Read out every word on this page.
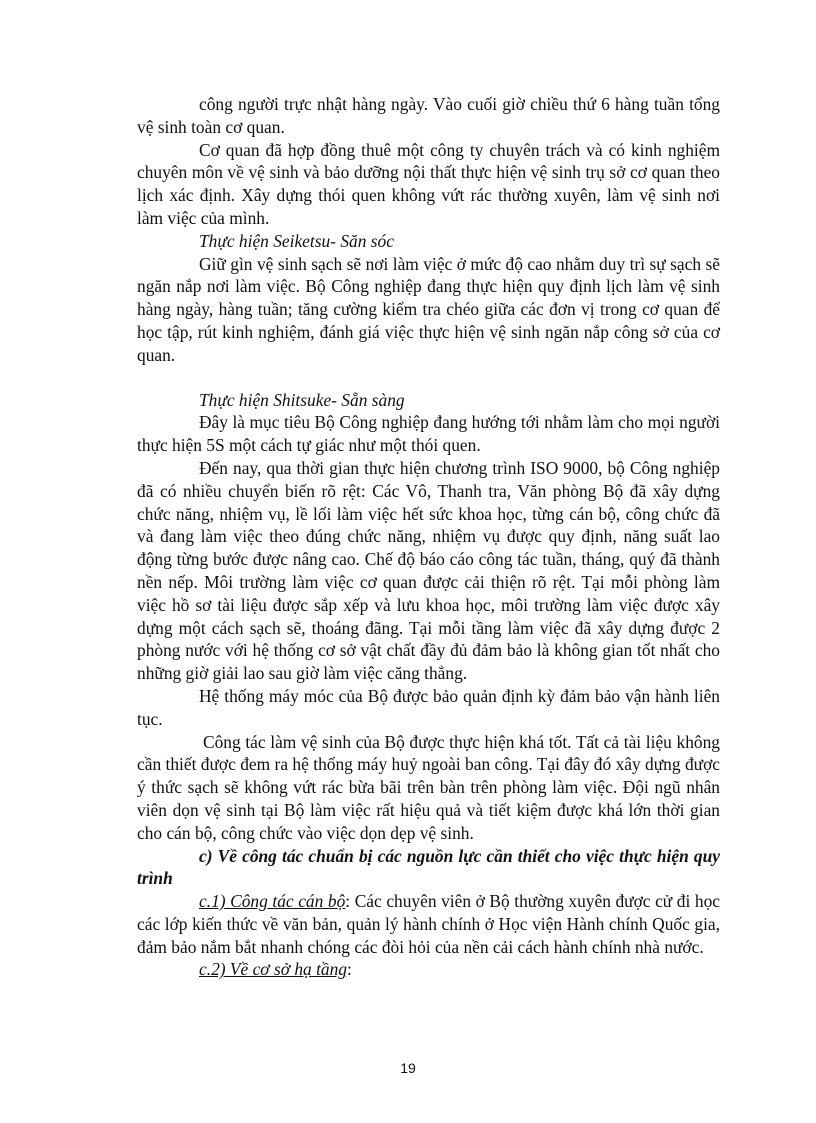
công người trực nhật hàng ngày. Vào cuối giờ chiều thứ 6 hàng tuần tổng vệ sinh toàn cơ quan.

Cơ quan đã hợp đồng thuê một công ty chuyên trách và có kinh nghiệm chuyên môn về vệ sinh và bảo dưỡng nội thất thực hiện vệ sinh trụ sở cơ quan theo lịch xác định. Xây dựng thói quen không vứt rác thường xuyên, làm vệ sinh nơi làm việc của mình.

Thực hiện Seiketsu- Săn sóc

Giữ gìn vệ sinh sạch sẽ nơi làm việc ở mức độ cao nhằm duy trì sự sạch sẽ ngăn nắp nơi làm việc. Bộ Công nghiệp đang thực hiện quy định lịch làm vệ sinh hàng ngày, hàng tuần; tăng cường kiểm tra chéo giữa các đơn vị trong cơ quan để học tập, rút kinh nghiệm, đánh giá việc thực hiện vệ sinh ngăn nắp công sở của cơ quan.

Thực hiện Shitsuke- Sẵn sàng

Đây là mục tiêu Bộ Công nghiệp đang hướng tới nhằm làm cho mọi người thực hiện 5S một cách tự giác như một thói quen.

Đến nay, qua thời gian thực hiện chương trình ISO 9000, bộ Công nghiệp đã có nhiều chuyển biến rõ rệt: Các Vô, Thanh tra, Văn phòng Bộ đã xây dựng chức năng, nhiệm vụ, lề lối làm việc hết sức khoa học, từng cán bộ, công chức đã và đang làm việc theo đúng chức năng, nhiệm vụ được quy định, năng suất lao động từng bước được nâng cao. Chế độ báo cáo công tác tuần, tháng, quý đã thành nền nếp. Môi trường làm việc cơ quan được cải thiện rõ rệt. Tại mỗi phòng làm việc hồ sơ tài liệu được sắp xếp và lưu khoa học, môi trường làm việc được xây dựng một cách sạch sẽ, thoáng đãng. Tại mỗi tầng làm việc đã xây dựng được 2 phòng nước với hệ thống cơ sở vật chất đầy đủ đảm bảo là không gian tốt nhất cho những giờ giải lao sau giờ làm việc căng thẳng.

Hệ thống máy móc của Bộ được bảo quản định kỳ đảm bảo vận hành liên tục.

Công tác làm vệ sinh của Bộ được thực hiện khá tốt. Tất cả tài liệu không cần thiết được đem ra hệ thống máy huỷ ngoài ban công. Tại đây đó xây dựng được ý thức sạch sẽ không vứt rác bừa bãi trên bàn trên phòng làm việc. Đội ngũ nhân viên dọn vệ sinh tại Bộ làm việc rất hiệu quả và tiết kiệm được khá lớn thời gian cho cán bộ, công chức vào việc dọn dẹp vệ sinh.

c) Về công tác chuẩn bị các nguồn lực cần thiết cho việc thực hiện quy trình

c.1) Công tác cán bộ: Các chuyên viên ở Bộ thường xuyên được cử đi học các lớp kiến thức về văn bản, quản lý hành chính ở Học viện Hành chính Quốc gia, đảm bảo nắm bắt nhanh chóng các đòi hỏi của nền cải cách hành chính nhà nước.

c.2) Về cơ sở hạ tầng:

19
